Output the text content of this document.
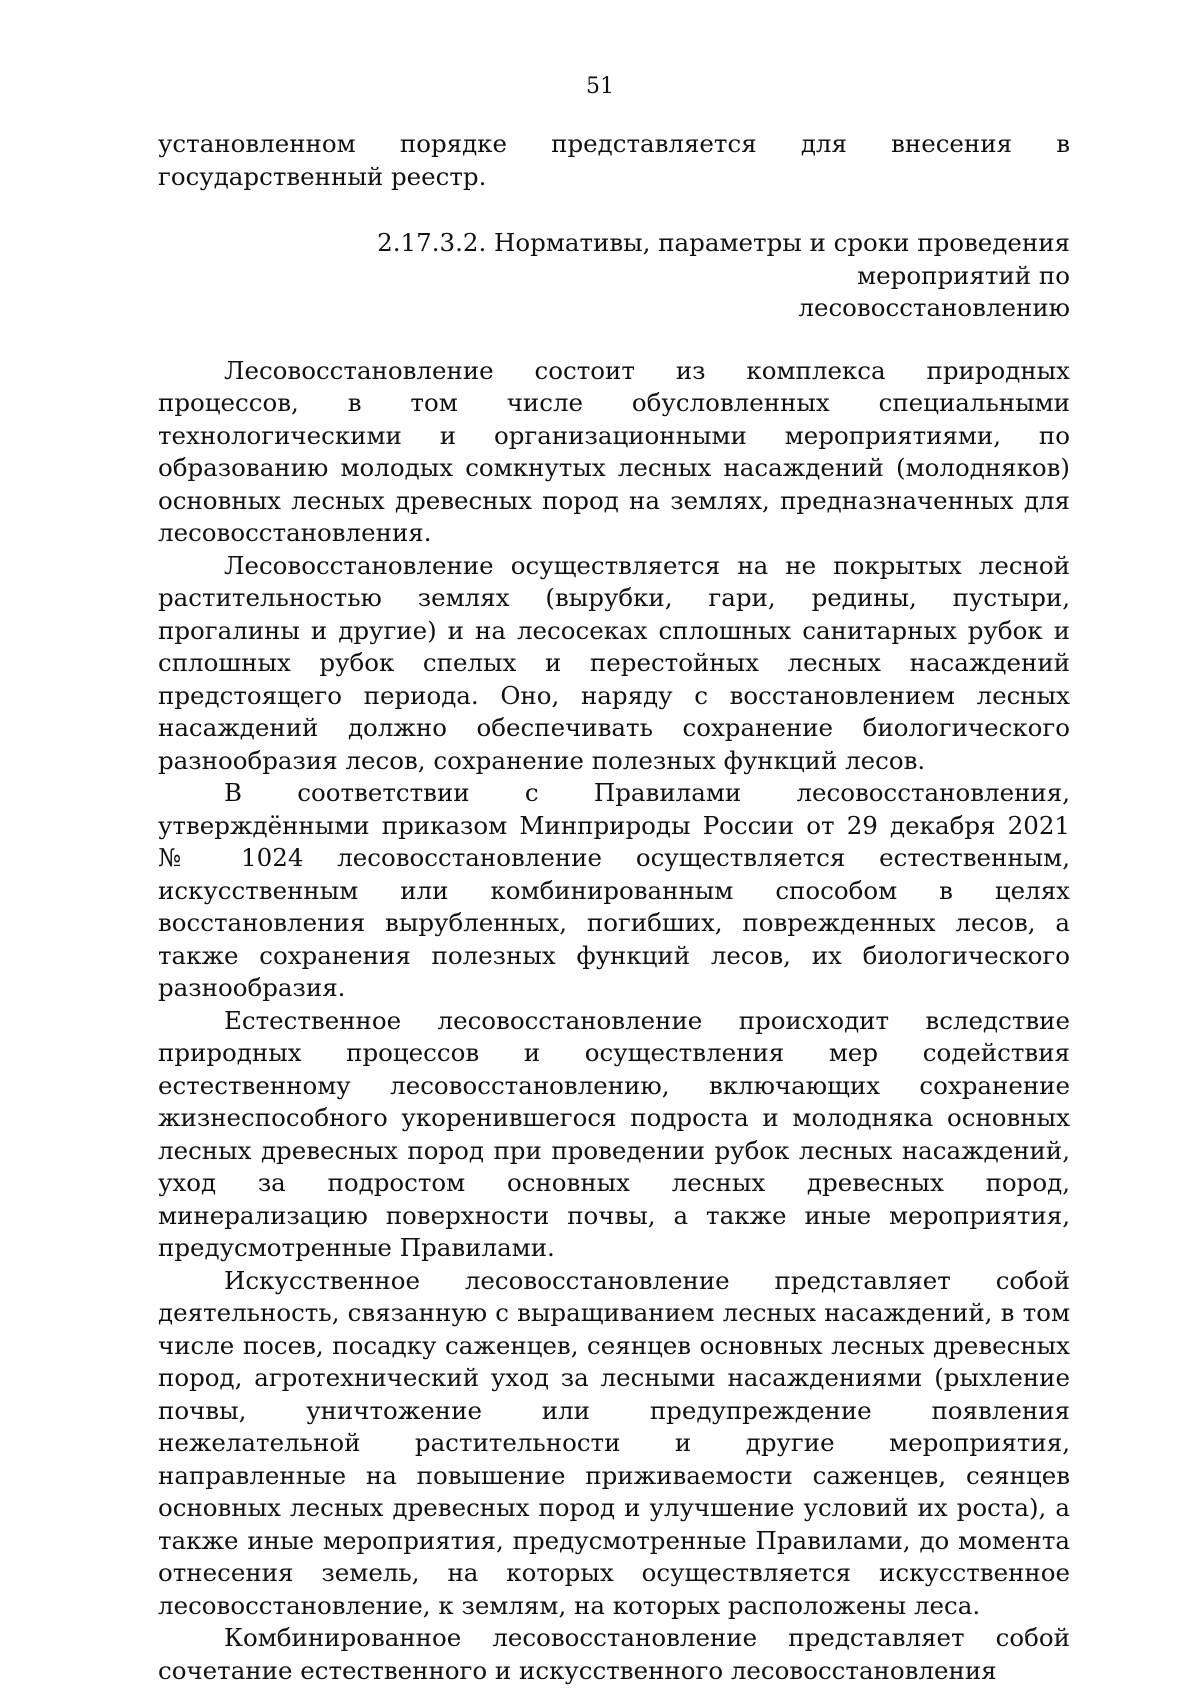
51

установленном порядке представляется для внесения в государственный реестр.

2.17.3.2. Нормативы, параметры и сроки проведения мероприятий по
лесовосстановлению

Лесовосстановление состоит из комплекса природных процессов, в том числе обусловленных специальными технологическими и организационными мероприятиями, по образованию молодых сомкнутых лесных насаждений (молодняков) основных лесных древесных пород на землях, предназначенных для лесовосстановления.

Лесовосстановление осуществляется на не покрытых лесной растительностью землях (вырубки, гари, редины, пустыри, прогалины и другие) и на лесосеках сплошных санитарных рубок и сплошных рубок спелых и перестойных лесных насаждений предстоящего периода. Оно, наряду с восстановлением лесных насаждений должно обеспечивать сохранение биологического разнообразия лесов, сохранение полезных функций лесов.

В соответствии с Правилами лесовосстановления, утверждёнными приказом Минприроды России от 29 декабря 2021 № 1024 лесовосстановление осуществляется естественным, искусственным или комбинированным способом в целях восстановления вырубленных, погибших, поврежденных лесов, а также сохранения полезных функций лесов, их биологического разнообразия.

Естественное лесовосстановление происходит вследствие природных процессов и осуществления мер содействия естественному лесовосстановлению, включающих сохранение жизнеспособного укоренившегося подроста и молодняка основных лесных древесных пород при проведении рубок лесных насаждений, уход за подростом основных лесных древесных пород, минерализацию поверхности почвы, а также иные мероприятия, предусмотренные Правилами.

Искусственное лесовосстановление представляет собой деятельность, связанную с выращиванием лесных насаждений, в том числе посев, посадку саженцев, сеянцев основных лесных древесных пород, агротехнический уход за лесными насаждениями (рыхление почвы, уничтожение или предупреждение появления нежелательной растительности и другие мероприятия, направленные на повышение приживаемости саженцев, сеянцев основных лесных древесных пород и улучшение условий их роста), а также иные мероприятия, предусмотренные Правилами, до момента отнесения земель, на которых осуществляется искусственное лесовосстановление, к землям, на которых расположены леса.

Комбинированное лесовосстановление представляет собой сочетание естественного и искусственного лесовосстановления
